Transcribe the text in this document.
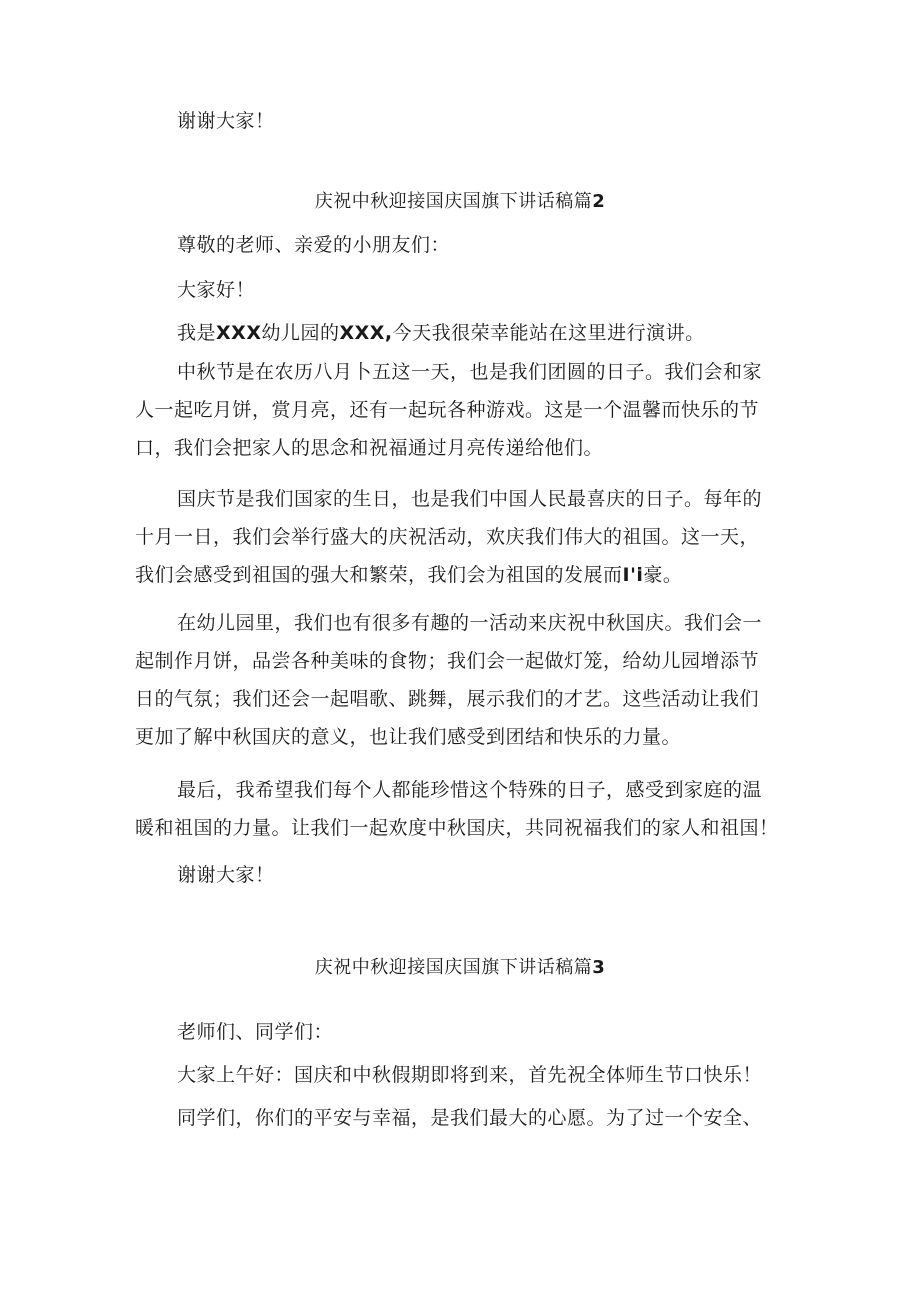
谢谢大家！

庆祝中秋迎接国庆国旗下讲话稿篇2

尊敬的老师、亲爱的小朋友们：

大家好！

我是XXX幼儿园的XXX,今天我很荣幸能站在这里进行演讲。

中秋节是在农历八月卜五这一天，也是我们团圆的日子。我们会和家
人一起吃月饼，赏月亮，还有一起玩各种游戏。这是一个温馨而快乐的节
口，我们会把家人的思念和祝福通过月亮传递给他们。

国庆节是我们国家的生日，也是我们中国人民最喜庆的日子。每年的
十月一日，我们会举行盛大的庆祝活动，欢庆我们伟大的祖国。这一天，
我们会感受到祖国的强大和繁荣，我们会为祖国的发展而I'i豪。

在幼儿园里，我们也有很多有趣的一活动来庆祝中秋国庆。我们会一
起制作月饼，品尝各种美味的食物；我们会一起做灯笼，给幼儿园增添节
日的气氛；我们还会一起唱歌、跳舞，展示我们的才艺。这些活动让我们
更加了解中秋国庆的意义，也让我们感受到团结和快乐的力量。

最后，我希望我们每个人都能珍惜这个特殊的日子，感受到家庭的温
暖和祖国的力量。让我们一起欢度中秋国庆，共同祝福我们的家人和祖国！

谢谢大家！

庆祝中秋迎接国庆国旗下讲话稿篇3

老师们、同学们：

大家上午好：国庆和中秋假期即将到来，首先祝全体师生节口快乐！

同学们，你们的平安与幸福，是我们最大的心愿。为了过一个安全、
